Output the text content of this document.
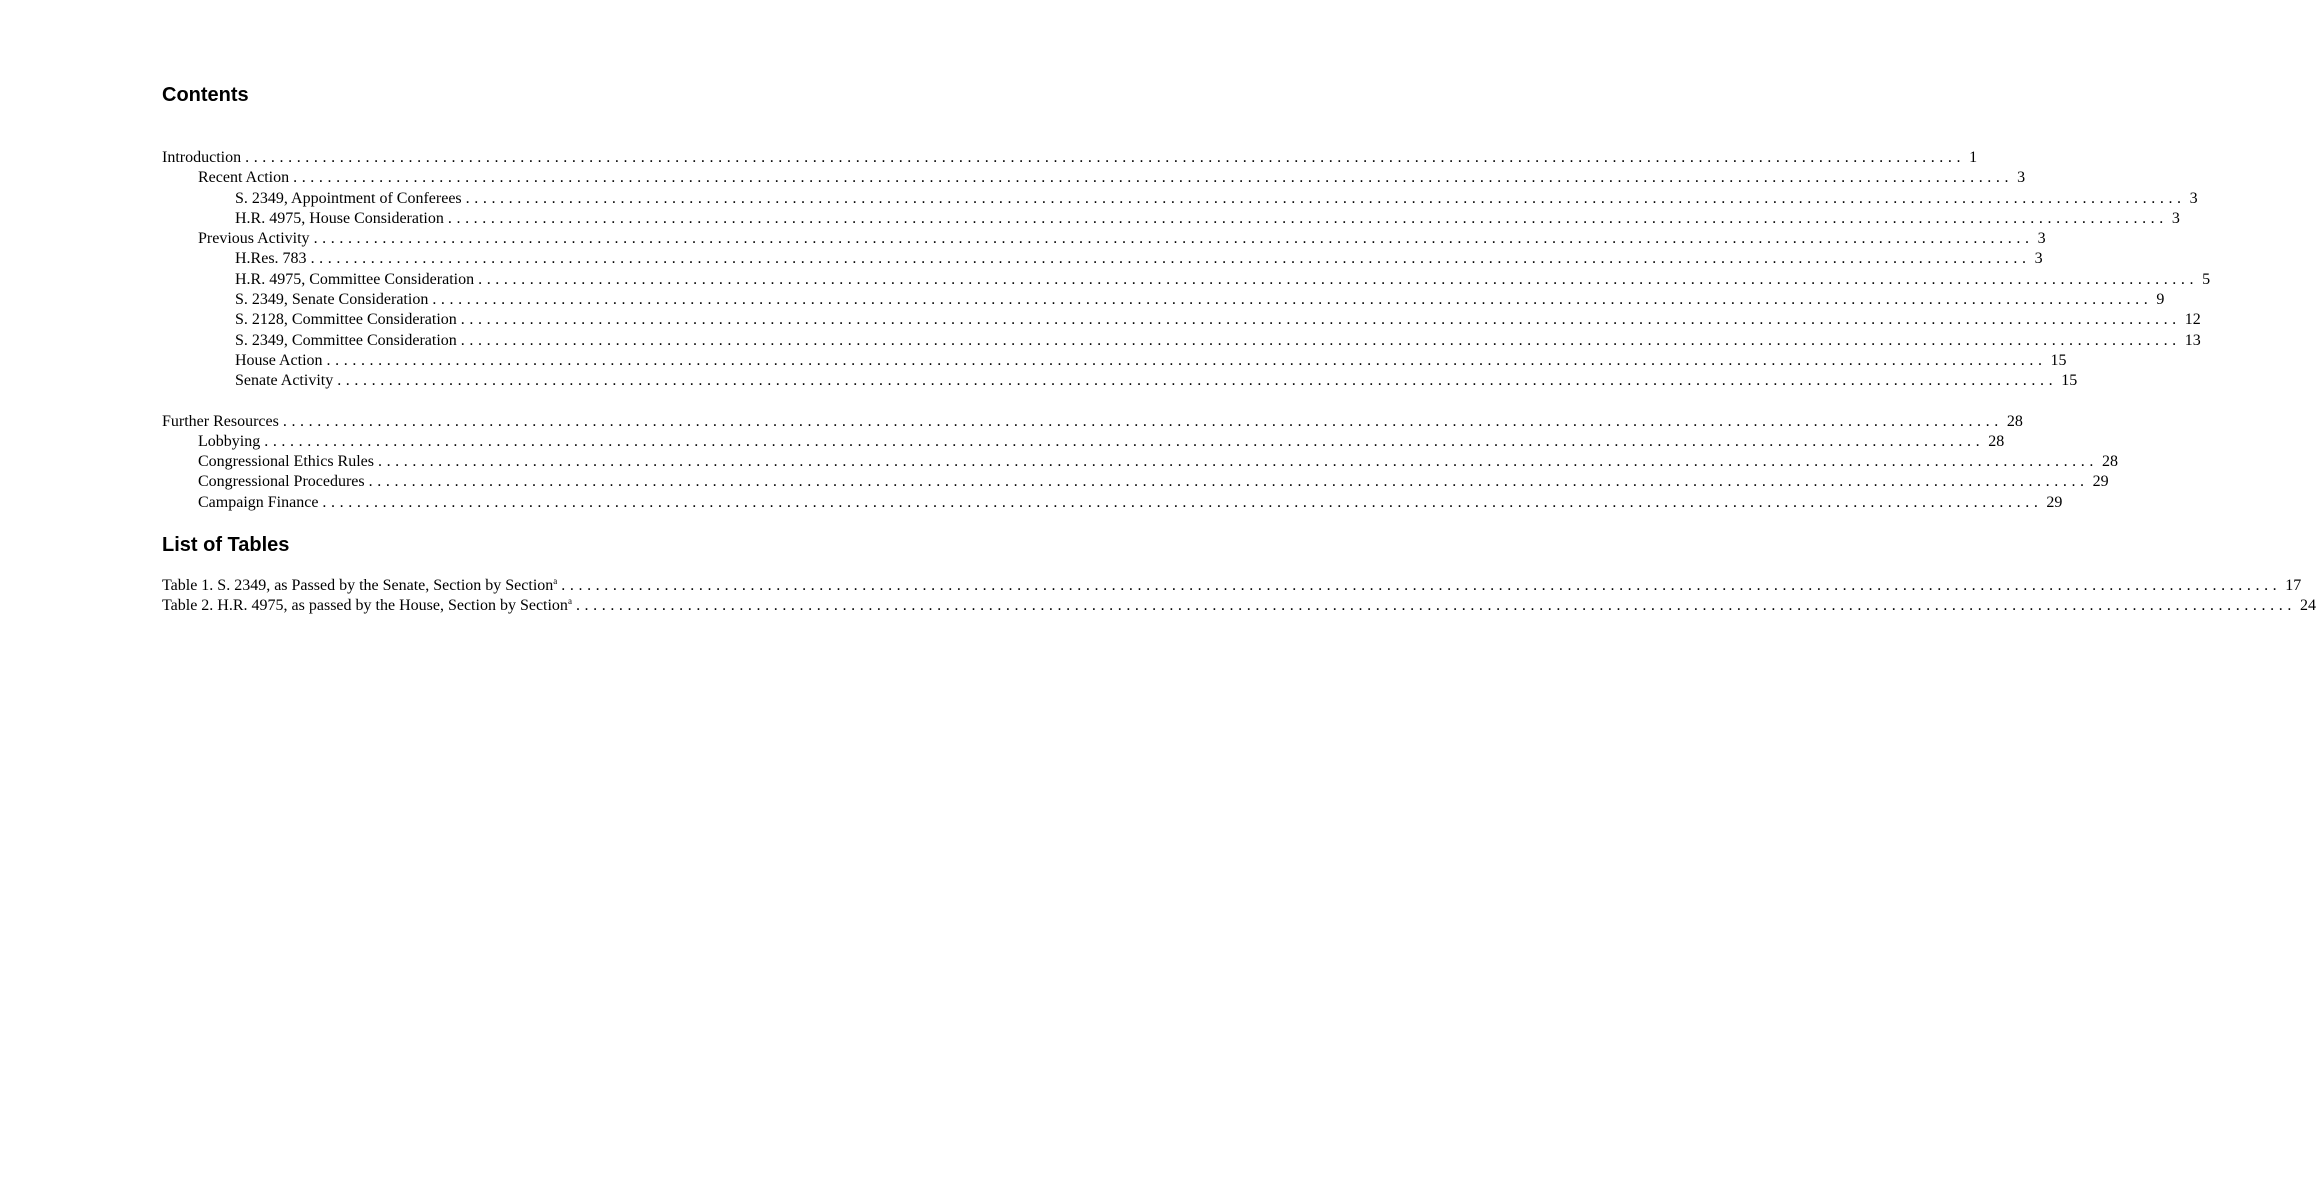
Contents
Introduction ........................................................................................................................................................................................................ 1
Recent Action ........................................................................................................................................................................................................ 3
S. 2349, Appointment of Conferees ........................................................................................................................................................................................................ 3
H.R. 4975, House Consideration ........................................................................................................................................................................................................ 3
Previous Activity ........................................................................................................................................................................................................ 3
H.Res. 783 ........................................................................................................................................................................................................ 3
H.R. 4975, Committee Consideration ........................................................................................................................................................................................................ 5
S. 2349, Senate Consideration ........................................................................................................................................................................................................ 9
S. 2128, Committee Consideration ........................................................................................................................................................................................................ 12
S. 2349, Committee Consideration ........................................................................................................................................................................................................ 13
House Action ........................................................................................................................................................................................................ 15
Senate Activity ........................................................................................................................................................................................................ 15
Further Resources ........................................................................................................................................................................................................ 28
Lobbying ........................................................................................................................................................................................................ 28
Congressional Ethics Rules ........................................................................................................................................................................................................ 28
Congressional Procedures ........................................................................................................................................................................................................ 29
Campaign Finance ........................................................................................................................................................................................................ 29
List of Tables
Table 1. S. 2349, as Passed by the Senate, Section by Section$^a$ ........................................................................................................................................................................................................ 17
Table 2. H.R. 4975, as passed by the House, Section by Section$^a$ ........................................................................................................................................................................................................ 24
